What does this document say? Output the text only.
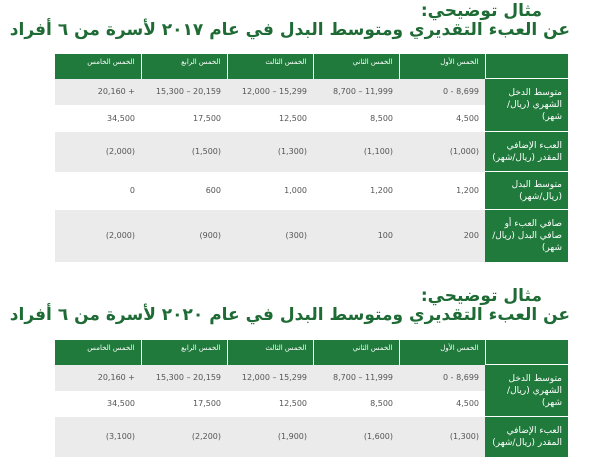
مثال توضيحي:
عن العبء التقديري ومتوسط البدل في عام ٢٠١٧ لأسرة من ٦ أفراد
الخمس الخامس	الخمس الرابع	الخمس الثالث	الخمس الثاني	الخمس الأول	
20,160 +	15,300 – 20,159	12,000 – 15,299	8,700 – 11,999	0 - 8,699	متوسط الدخل الشهري (ريال/ شهر)
34,500	17,500	12,500	8,500	4,500	
(2,000)	(1,500)	(1,300)	(1,100)	(1,000)	العبء الإضافي المقدر (ريال/شهر)
0	600	1,000	1,200	1,200	متوسط البدل (ريال/شهر)
(2,000)	(900)	(300)	100	200	صافي العبء أو صافي البدل (ريال/شهر)
مثال توضيحي:
عن العبء التقديري ومتوسط البدل في عام ٢٠٢٠ لأسرة من ٦ أفراد
الخمس الخامس	الخمس الرابع	الخمس الثالث	الخمس الثاني	الخمس الأول	
20,160 +	15,300 – 20,159	12,000 – 15,299	8,700 – 11,999	0 - 8,699	متوسط الدخل الشهري (ريال/ شهر)
34,500	17,500	12,500	8,500	4,500	
(3,100)	(2,200)	(1,900)	(1,600)	(1,300)	العبء الإضافي المقدر (ريال/شهر)
